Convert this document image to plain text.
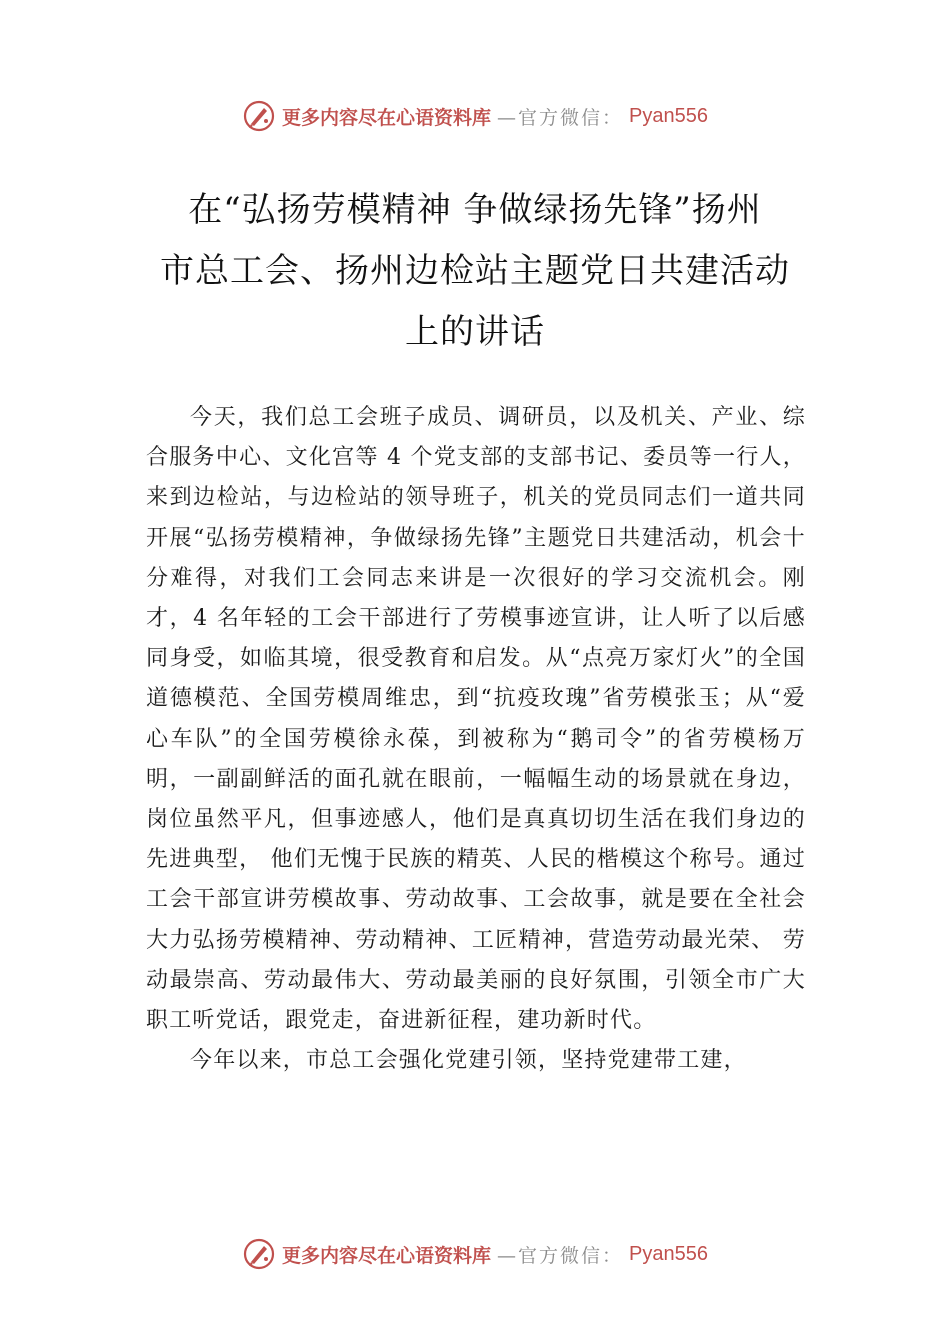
更多内容尽在心语资料库 —官方微信： Pyan556
在“弘扬劳模精神 争做绿扬先锋”扬州
市总工会、扬州边检站主题党日共建活动
上的讲话

今天，我们总工会班子成员、调研员，以及机关、产业、综合服务中心、文化宫等 4 个党支部的支部书记、委员等一行人，来到边检站，与边检站的领导班子，机关的党员同志们一道共同开展“弘扬劳模精神，争做绿扬先锋”主题党日共建活动，机会十分难得，对我们工会同志来讲是一次很好的学习交流机会。刚才，4 名年轻的工会干部进行了劳模事迹宣讲，让人听了以后感同身受，如临其境，很受教育和启发。从“点亮万家灯火”的全国道德模范、全国劳模周维忠，到“抗疫玫瑰”省劳模张玉；从“爱心车队”的全国劳模徐永葆，到被称为“鹅司令”的省劳模杨万明，一副副鲜活的面孔就在眼前，一幅幅生动的场景就在身边，岗位虽然平凡，但事迹感人，他们是真真切切生活在我们身边的先进典型， 他们无愧于民族的精英、人民的楷模这个称号。通过工会干部宣讲劳模故事、劳动故事、工会故事，就是要在全社会大力弘扬劳模精神、劳动精神、工匠精神，营造劳动最光荣、 劳动最崇高、劳动最伟大、劳动最美丽的良好氛围，引领全市广大职工听党话，跟党走，奋进新征程，建功新时代。

今年以来，市总工会强化党建引领，坚持党建带工建，

更多内容尽在心语资料库 —官方微信： Pyan556
